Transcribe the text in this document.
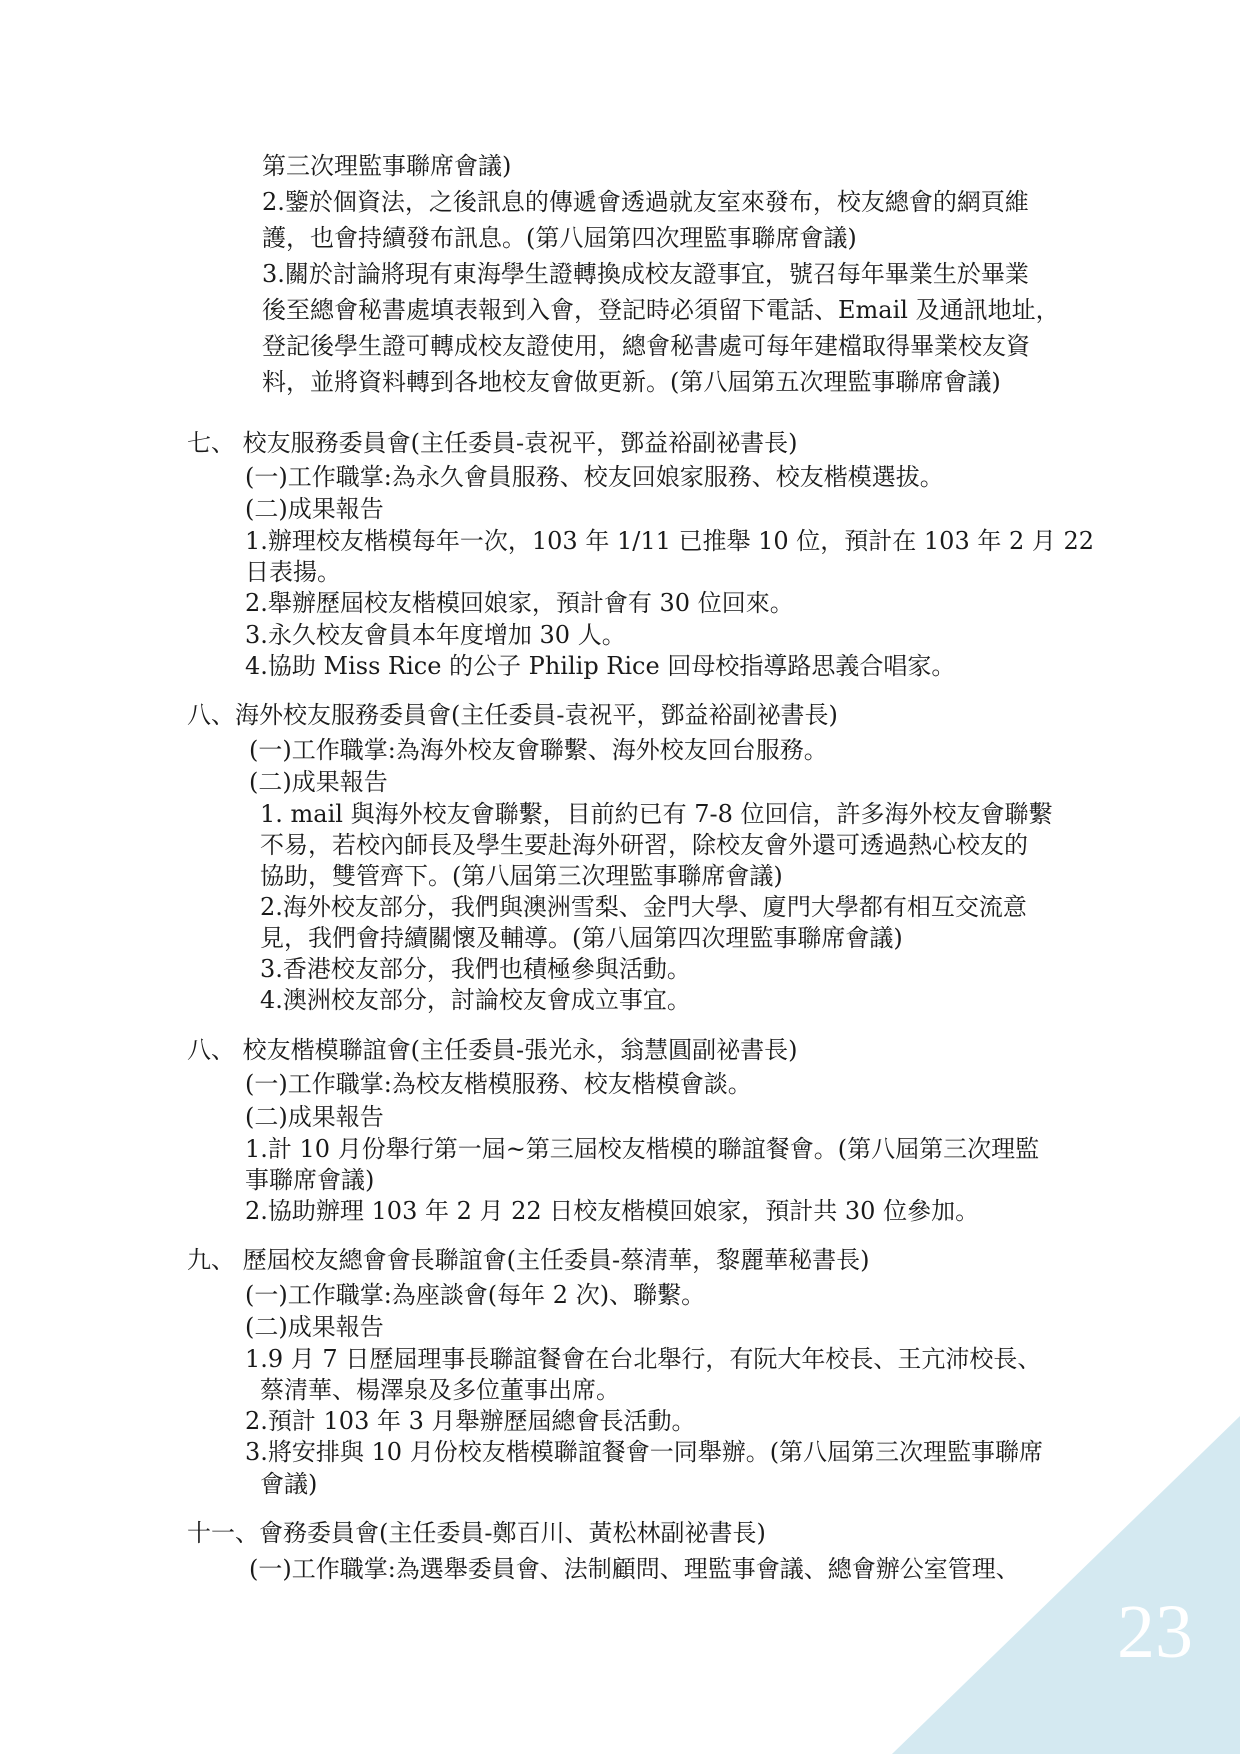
第三次理監事聯席會議)
2.鑒於個資法，之後訊息的傳遞會透過就友室來發布，校友總會的網頁維
護，也會持續發布訊息。(第八屆第四次理監事聯席會議)
3.關於討論將現有東海學生證轉換成校友證事宜，號召每年畢業生於畢業
後至總會秘書處填表報到入會，登記時必須留下電話、Email 及通訊地址，
登記後學生證可轉成校友證使用，總會秘書處可每年建檔取得畢業校友資
料，並將資料轉到各地校友會做更新。(第八屆第五次理監事聯席會議)
七、 校友服務委員會(主任委員-袁祝平，鄧益裕副祕書長)
(一)工作職掌:為永久會員服務、校友回娘家服務、校友楷模選拔。
(二)成果報告
1.辦理校友楷模每年一次，103 年 1/11 已推舉 10 位，預計在 103 年 2 月 22
日表揚。
2.舉辦歷屆校友楷模回娘家，預計會有 30 位回來。
3.永久校友會員本年度增加 30 人。
4.協助 Miss Rice 的公子 Philip Rice 回母校指導路思義合唱家。
八、海外校友服務委員會(主任委員-袁祝平，鄧益裕副祕書長)
(一)工作職掌:為海外校友會聯繫、海外校友回台服務。
(二)成果報告
1. mail 與海外校友會聯繫，目前約已有 7-8 位回信，許多海外校友會聯繫
不易，若校內師長及學生要赴海外研習，除校友會外還可透過熱心校友的
協助，雙管齊下。(第八屆第三次理監事聯席會議)
2.海外校友部分，我們與澳洲雪梨、金門大學、廈門大學都有相互交流意
見，我們會持續關懷及輔導。(第八屆第四次理監事聯席會議)
3.香港校友部分，我們也積極參與活動。
4.澳洲校友部分，討論校友會成立事宜。
八、 校友楷模聯誼會(主任委員-張光永，翁慧圓副祕書長)
(一)工作職掌:為校友楷模服務、校友楷模會談。
(二)成果報告
1.計 10 月份舉行第一屆~第三屆校友楷模的聯誼餐會。(第八屆第三次理監
事聯席會議)
2.協助辦理 103 年 2 月 22 日校友楷模回娘家，預計共 30 位參加。
九、 歷屆校友總會會長聯誼會(主任委員-蔡清華，黎麗華秘書長)
(一)工作職掌:為座談會(每年 2 次)、聯繫。
(二)成果報告
1.9 月 7 日歷屆理事長聯誼餐會在台北舉行，有阮大年校長、王亢沛校長、
蔡清華、楊澤泉及多位董事出席。
2.預計 103 年 3 月舉辦歷屆總會長活動。
3.將安排與 10 月份校友楷模聯誼餐會一同舉辦。(第八屆第三次理監事聯席
會議)
十一、會務委員會(主任委員-鄭百川、黃松林副祕書長)
(一)工作職掌:為選舉委員會、法制顧問、理監事會議、總會辦公室管理、
23
